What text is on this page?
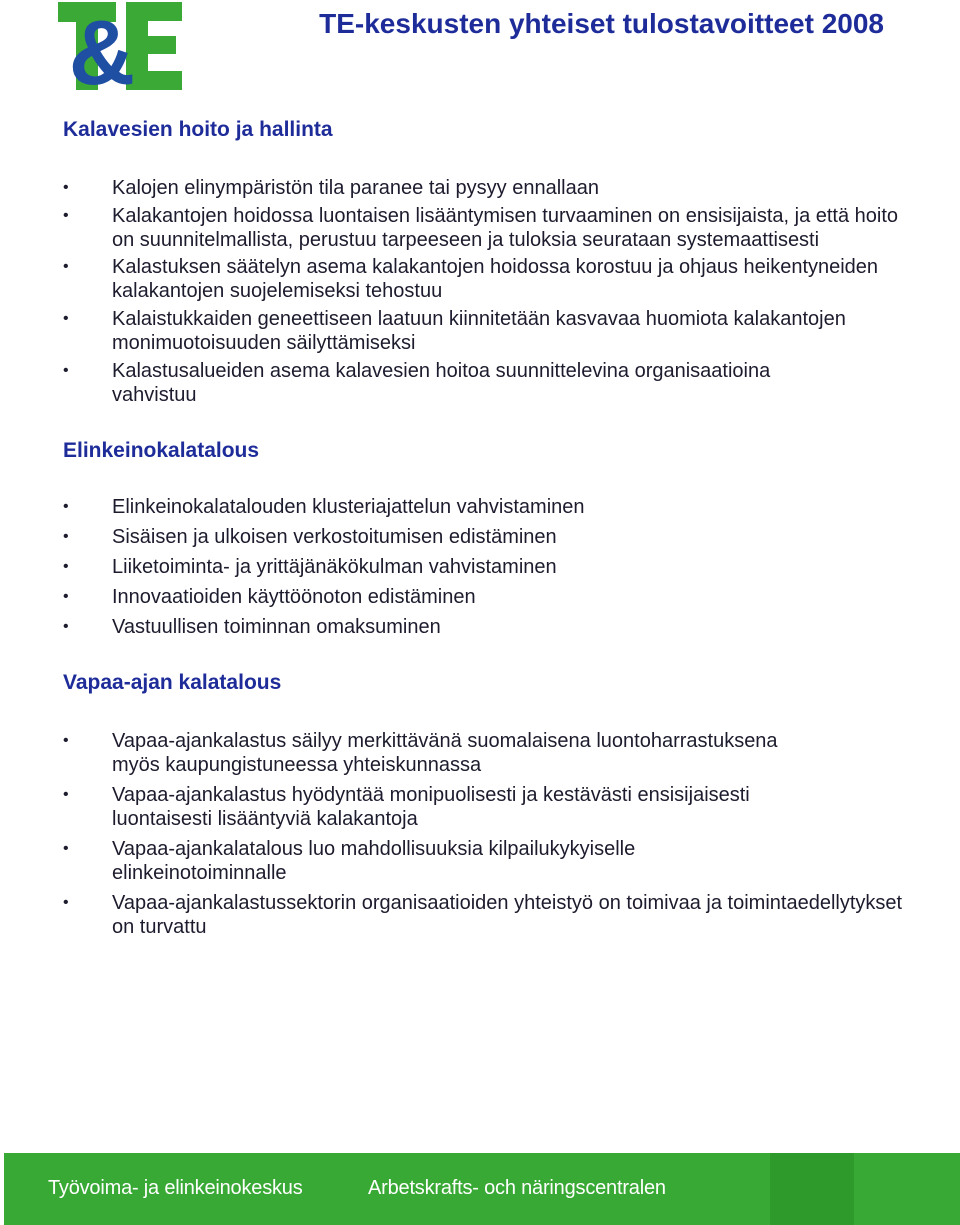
&	TE-keskusten yhteiset tulostavoitteet 2008
Kalavesien hoito ja hallinta
• Kalojen elinympäristön tila paranee tai pysyy ennallaan
• Kalakantojen hoidossa luontaisen lisääntymisen turvaaminen on ensisijaista, ja että hoito on suunnitelmallista, perustuu tarpeeseen ja tuloksia seurataan systemaattisesti
• Kalastuksen säätelyn asema kalakantojen hoidossa korostuu ja ohjaus heikentyneiden kalakantojen suojelemiseksi tehostuu
• Kalaistukkaiden geneettiseen laatuun kiinnitetään kasvavaa huomiota kalakantojen monimuotoisuuden säilyttämiseksi
• Kalastusalueiden asema kalavesien hoitoa suunnittelevina organisaatioina vahvistuu
Elinkeinokalatalous
• Elinkeinokalatalouden klusteriajattelun vahvistaminen
• Sisäisen ja ulkoisen verkostoitumisen edistäminen
• Liiketoiminta- ja yrittäjänäkökulman vahvistaminen
• Innovaatioiden käyttöönoton edistäminen
• Vastuullisen toiminnan omaksuminen
Vapaa-ajan kalatalous
• Vapaa-ajankalastus säilyy merkittävänä suomalaisena luontoharrastuksena myös kaupungistuneessa yhteiskunnassa
• Vapaa-ajankalastus hyödyntää monipuolisesti ja kestävästi ensisijaisesti luontaisesti lisääntyviä kalakantoja
• Vapaa-ajankalatalous luo mahdollisuuksia kilpailukykyiselle elinkeinotoiminnalle
• Vapaa-ajankalastussektorin organisaatioiden yhteistyö on toimivaa ja toimintaedellytykset on turvattu
Työvoima- ja elinkeinokeskus	Arbetskrafts- och näringscentralen
